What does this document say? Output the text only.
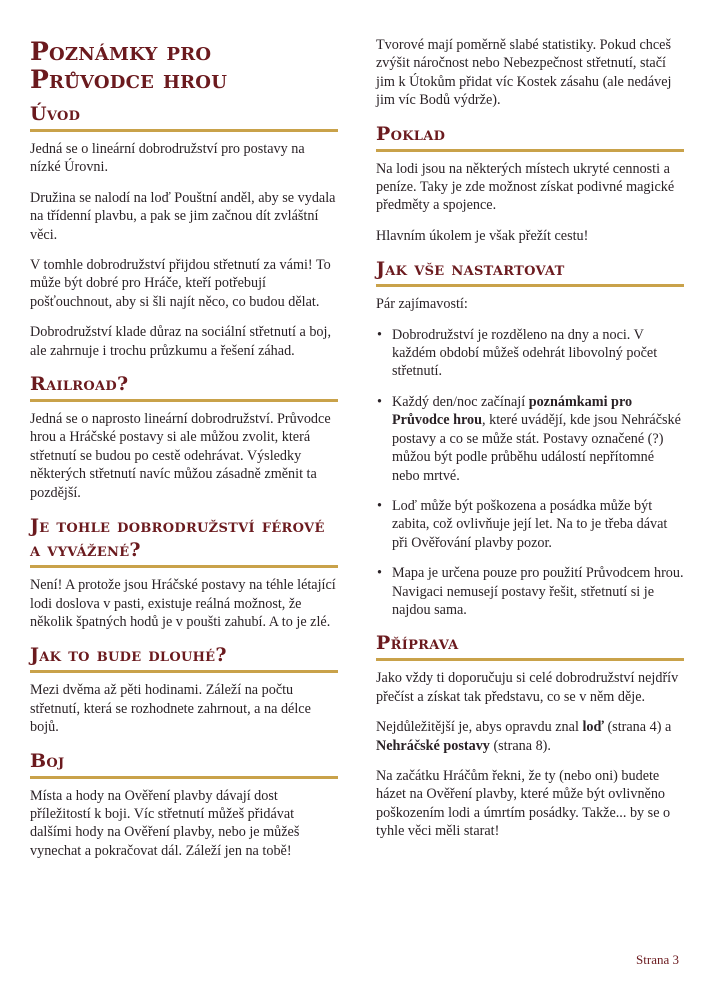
Poznámky pro Průvodce hrou
Úvod

Jedná se o lineární dobrodružství pro postavy na nízké Úrovni.

Družina se nalodí na loď Pouštní anděl, aby se vydala na třídenní plavbu, a pak se jim začnou dít zvláštní věci.

V tomhle dobrodružství přijdou střetnutí za vámi! To může být dobré pro Hráče, kteří potřebují pošťouchnout, aby si šli najít něco, co budou dělat.

Dobrodružství klade důraz na sociální střetnutí a boj, ale zahrnuje i trochu průzkumu a řešení záhad.

Railroad?

Jedná se o naprosto lineární dobrodružství. Průvodce hrou a Hráčské postavy si ale můžou zvolit, která střetnutí se budou po cestě odehrávat. Výsledky některých střetnutí navíc můžou zásadně změnit ta pozdější.

Je tohle dobrodružství férové a vyvážené?

Není! A protože jsou Hráčské postavy na téhle létající lodi doslova v pasti, existuje reálná možnost, že několik špatných hodů je v poušti zahubí. A to je zlé.

Jak to bude dlouhé?

Mezi dvěma až pěti hodinami. Záleží na počtu střetnutí, která se rozhodnete zahrnout, a na délce bojů.

Boj

Místa a hody na Ověření plavby dávají dost příležitostí k boji. Víc střetnutí můžeš přidávat dalšími hody na Ověření plavby, nebo je můžeš vynechat a pokračovat dál. Záleží jen na tobě!

Tvorové mají poměrně slabé statistiky. Pokud chceš zvýšit náročnost nebo Nebezpečnost střetnutí, stačí jim k Útokům přidat víc Kostek zásahu (ale nedávej jim víc Bodů výdrže).

Poklad

Na lodi jsou na některých místech ukryté cennosti a peníze. Taky je zde možnost získat podivné magické předměty a spojence.

Hlavním úkolem je však přežít cestu!

Jak vše nastartovat

Pár zajímavostí:

• Dobrodružství je rozděleno na dny a noci. V každém období můžeš odehrát libovolný počet střetnutí.
• Každý den/noc začínají poznámkami pro Průvodce hrou, které uvádějí, kde jsou Nehráčské postavy a co se může stát. Postavy označené (?) můžou být podle průběhu událostí nepřítomné nebo mrtvé.
• Loď může být poškozena a posádka může být zabita, což ovlivňuje její let. Na to je třeba dávat při Ověřování plavby pozor.
• Mapa je určena pouze pro použití Průvodcem hrou. Navigaci nemusejí postavy řešit, střetnutí si je najdou sama.
Příprava

Jako vždy ti doporučuju si celé dobrodružství nejdřív přečíst a získat tak představu, co se v něm děje.

Nejdůležitější je, abys opravdu znal loď (strana 4) a Nehráčské postavy (strana 8).

Na začátku Hráčům řekni, že ty (nebo oni) budete házet na Ověření plavby, které může být ovlivněno poškozením lodi a úmrtím posádky. Takže... by se o tyhle věci měli starat!

Strana 3
